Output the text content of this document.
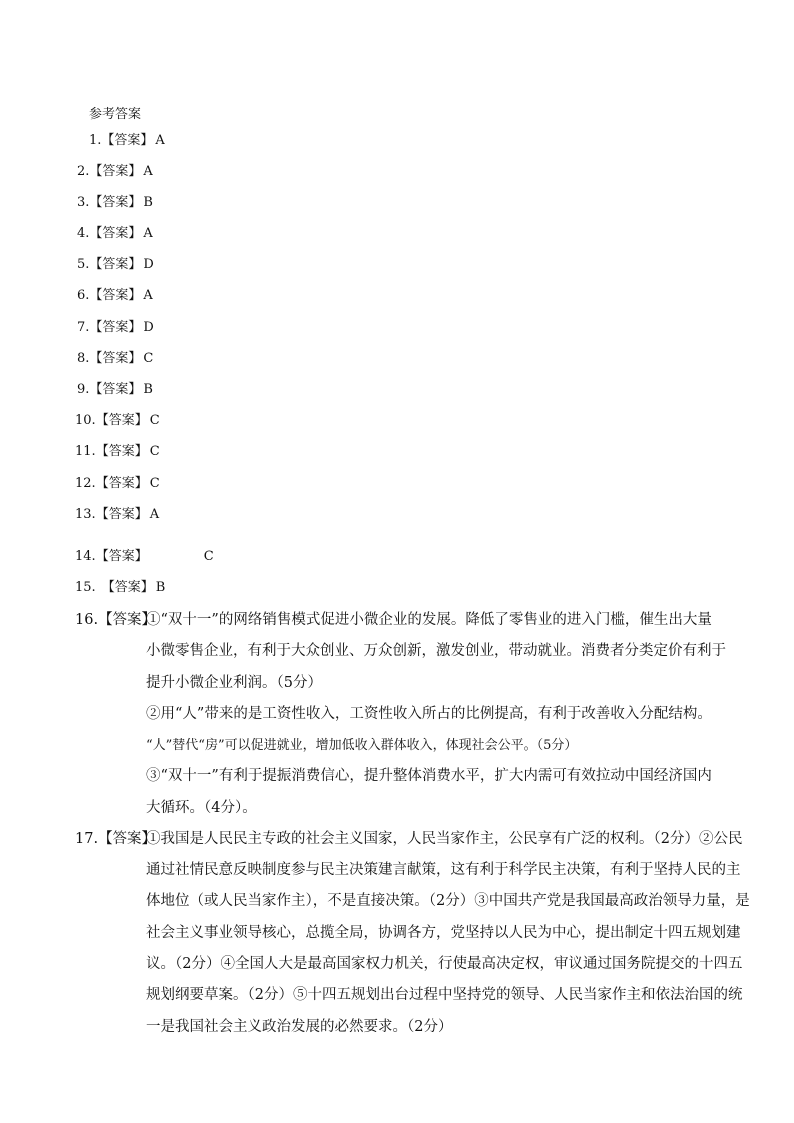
参考答案
1.【答案】 A
2.【答案】 A
3.【答案】 B
4.【答案】 A
5.【答案】 D
6.【答案】 A
7.【答案】 D
8.【答案】 C
9.【答案】 B
10.【答案】 C
11.【答案】 C
12.【答案】 C
13.【答案】 A
14.【答案】	C
15. 【答案】 B
16.【答案】
①“双十一”的网络销售模式促进小微企业的发展。降低了零售业的进入门槛，催生出大量
小微零售企业，有利于大众创业、万众创新，激发创业，带动就业。消费者分类定价有利于
提升小微企业利润。（5分）
②用“人”带来的是工资性收入，工资性收入所占的比例提高，有利于改善收入分配结构。
“人”替代“房”可以促进就业，增加低收入群体收入，体现社会公平。（5分）
③“双十一”有利于提振消费信心，提升整体消费水平，扩大内需可有效拉动中国经济国内
大循环。（4分）。
17.【答案】
①我国是人民民主专政的社会主义国家，人民当家作主，公民享有广泛的权利。（2分）②公民
通过社情民意反映制度参与民主决策建言献策，这有利于科学民主决策，有利于坚持人民的主
体地位（或人民当家作主），不是直接决策。（2分）③中国共产党是我国最高政治领导力量，是
社会主义事业领导核心，总揽全局，协调各方，党坚持以人民为中心，提出制定十四五规划建
议。（2分）④全国人大是最高国家权力机关，行使最高决定权，审议通过国务院提交的十四五
规划纲要草案。（2分）⑤十四五规划出台过程中坚持党的领导、人民当家作主和依法治国的统
一是我国社会主义政治发展的必然要求。（2分）
